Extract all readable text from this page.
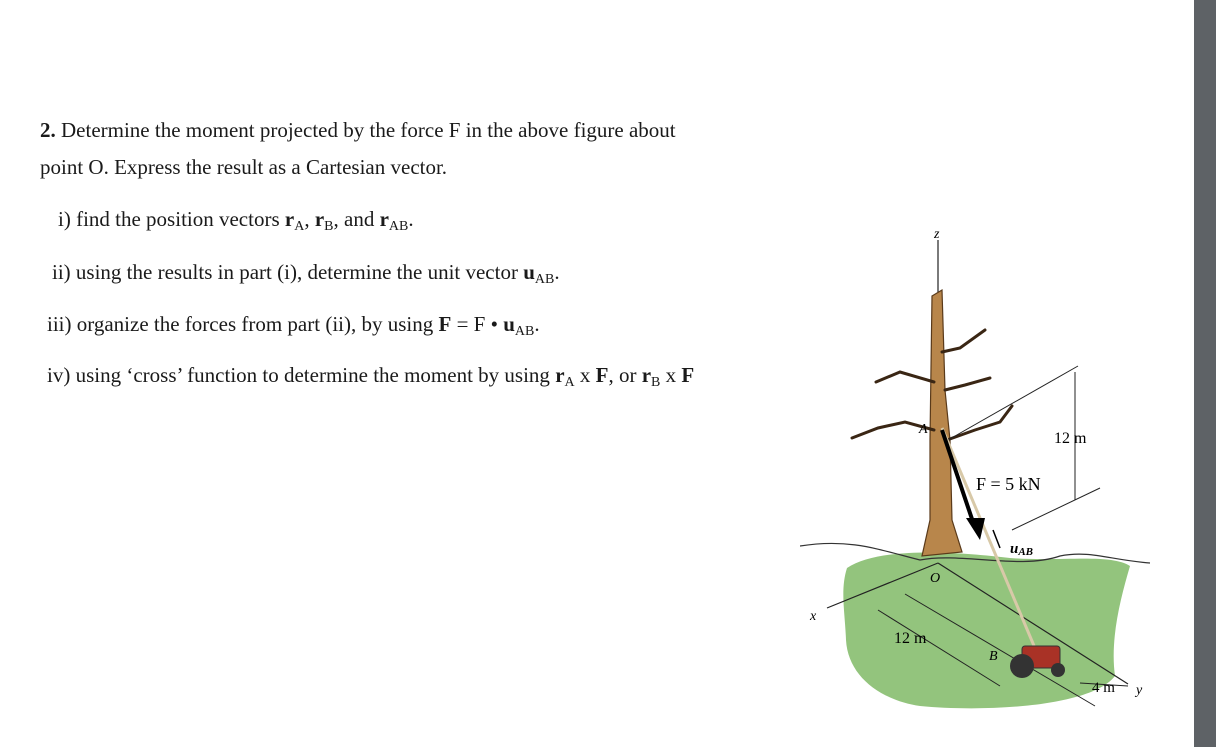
2. Determine the moment projected by the force F in the above figure about
point O. Express the result as a Cartesian vector.
i) find the position vectors $r_A$, $r_B$, and $r_{AB}$.
ii) using the results in part (i), determine the unit vector $u_{AB}$.
iii) organize the forces from part (ii), by using F = F • $u_{AB}$.
iv) using ‘cross’ function to determine the moment by using $r_A$ x F, or $r_B$ x F
z
x
y
A
B
O
12 m
F = 5 kN
uAB
12 m
4 m
